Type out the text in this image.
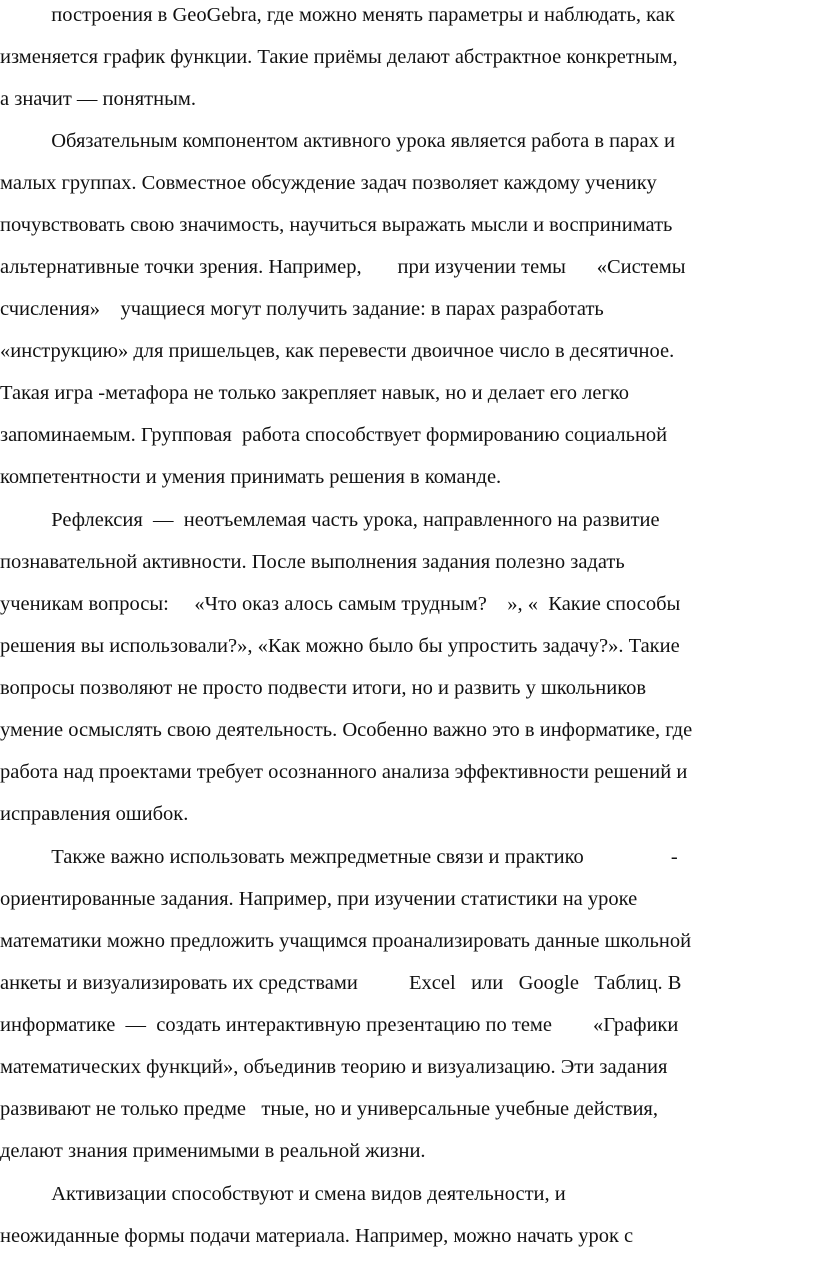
построения в GeoGebra, где можно менять параметры и наблюдать, как
изменяется график функции. Такие приёмы делают абстрактное конкретным,
а значит — понятным.
Обязательным компонентом активного урока является работа в парах и
малых группах. Совместное обсуждение задач позволяет каждому ученику
почувствовать свою значимость, научиться выражать мысли и воспринимать
альтернативные точки зрения. Например,       при изучении темы      «Системы
счисления»    учащиеся могут получить задание: в парах разработать
«инструкцию» для пришельцев, как перевести двоичное число в десятичное.
Такая игра -метафора не только закрепляет навык, но и делает его легко
запоминаемым. Групповая  работа способствует формированию социальной
компетентности и умения принимать решения в команде.
Рефлексия  —  неотъемлемая часть урока, направленного на развитие
познавательной активности. После выполнения задания полезно задать
ученикам вопросы:     «Что оказ алось самым трудным?    », «  Какие способы
решения вы использовали?», «Как можно было бы упростить задачу?». Такие
вопросы позволяют не просто подвести итоги, но и развить у школьников
умение осмыслять свою деятельность. Особенно важно это в информатике, где
работа над проектами требует осознанного анализа эффективности решений и
исправления ошибок.
Также важно использовать межпредметные связи и практико                 -
ориентированные задания. Например, при изучении статистики на уроке
математики можно предложить учащимся проанализировать данные школьной
анкеты и визуализировать их средствами          Excel   или   Google   Таблиц. В
информатике  —  создать интерактивную презентацию по теме        «Графики
математических функций», объединив теорию и визуализацию. Эти задания
развивают не только предме   тные, но и универсальные учебные действия,
делают знания применимыми в реальной жизни.
Активизации способствуют и смена видов деятельности, и
неожиданные формы подачи материала. Например, можно начать урок с
